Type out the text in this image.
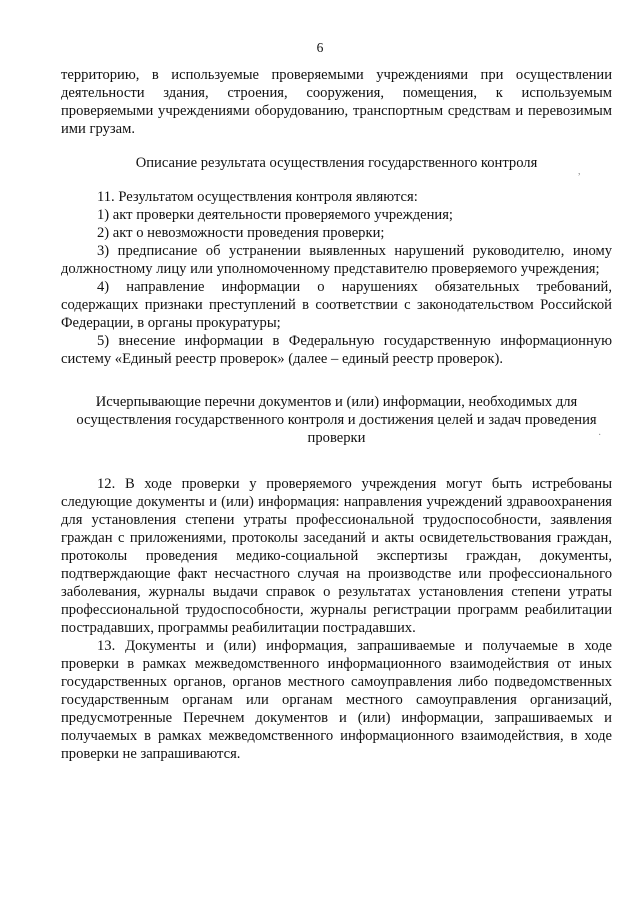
6

территорию, в используемые проверяемыми учреждениями при осуществлении деятельности здания, строения, сооружения, помещения, к используемым проверяемыми учреждениями оборудованию, транспортным средствам и перевозимым ими грузам.

Описание результата осуществления государственного контроля

11. Результатом осуществления контроля являются:

1) акт проверки деятельности проверяемого учреждения;

2) акт о невозможности проведения проверки;

3) предписание об устранении выявленных нарушений руководителю, иному должностному лицу или уполномоченному представителю проверяемого учреждения;

4) направление информации о нарушениях обязательных требований, содержащих признаки преступлений в соответствии с законодательством Российской Федерации, в органы прокуратуры;

5) внесение информации в Федеральную государственную информационную систему «Единый реестр проверок» (далее – единый реестр проверок).

Исчерпывающие перечни документов и (или) информации, необходимых для осуществления государственного контроля и достижения целей и задач проведения проверки

12. В ходе проверки у проверяемого учреждения могут быть истребованы следующие документы и (или) информация: направления учреждений здравоохранения для установления степени утраты профессиональной трудоспособности, заявления граждан с приложениями, протоколы заседаний и акты освидетельствования граждан, протоколы проведения медико-социальной экспертизы граждан, документы, подтверждающие факт несчастного случая на производстве или профессионального заболевания, журналы выдачи справок о результатах установления степени утраты профессиональной трудоспособности, журналы регистрации программ реабилитации пострадавших, программы реабилитации пострадавших.

13. Документы и (или) информация, запрашиваемые и получаемые в ходе проверки в рамках межведомственного информационного взаимодействия от иных государственных органов, органов местного самоуправления либо подведомственных государственным органам или органам местного самоуправления организаций, предусмотренные Перечнем документов и (или) информации, запрашиваемых и получаемых в рамках межведомственного информационного взаимодействия, в ходе проверки не запрашиваются.

,
·
